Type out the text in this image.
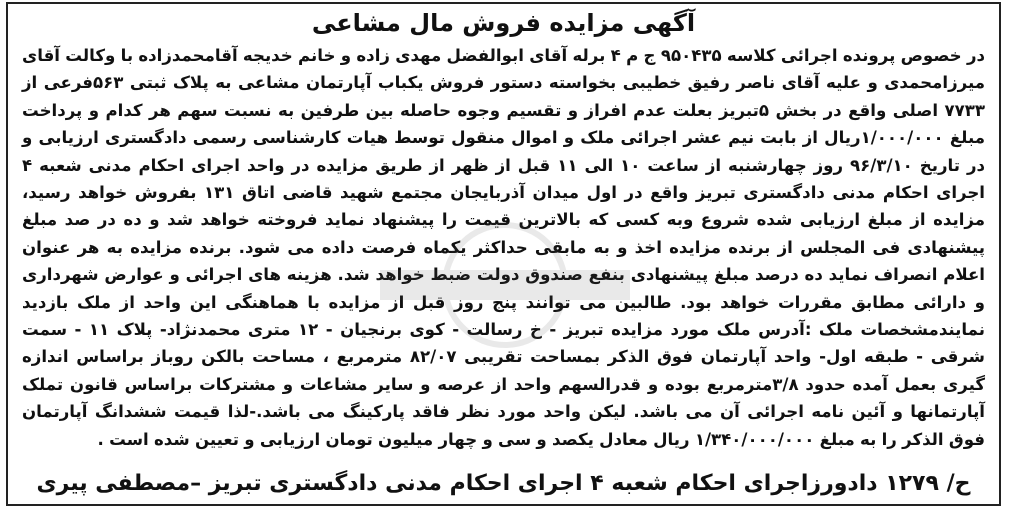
آگهی مزایده فروش مال مشاعی

در خصوص پرونده اجرائی کلاسه ۹۵۰۴۳۵ ج م ۴ برله آقای ابوالفضل مهدی زاده و خانم خدیجه آقامحمدزاده با وکالت آقای میرزامحمدی و علیه آقای ناصر رفیق خطیبی بخواسته دستور فروش یکباب آپارتمان مشاعی به پلاک ثبتی ۵۶۳فرعی از ۷۷۳۳ اصلی واقع در بخش ۵تبریز بعلت عدم افراز و تقسیم وجوه حاصله بین طرفین به نسبت سهم هر کدام و پرداخت مبلغ ۱/۰۰۰/۰۰۰ریال از بابت نیم عشر اجرائی ملک و اموال منقول توسط هیات کارشناسی رسمی دادگستری ارزیابی و در تاریخ ۹۶/۳/۱۰ روز چهارشنبه از ساعت ۱۰ الی ۱۱ قبل از ظهر از طریق مزایده در واحد اجرای احکام مدنی شعبه ۴ اجرای احکام مدنی دادگستری تبریز واقع در اول میدان آذربایجان مجتمع شهید قاضی اتاق ۱۳۱ بفروش خواهد رسید، مزایده از مبلغ ارزیابی شده شروع وبه کسی که بالاترین قیمت را پیشنهاد نماید فروخته خواهد شد و ده در صد مبلغ پیشنهادی فی المجلس از برنده مزایده اخذ و به مابقی حداکثر یکماه فرصت داده می شود. برنده مزایده به هر عنوان اعلام انصراف نماید ده درصد مبلغ پیشنهادی بنفع صندوق دولت ضبط خواهد شد. هزینه های اجرائی و عوارض شهرداری و دارائی مطابق مقررات خواهد بود. طالبین می توانند پنج روز قبل از مزایده با هماهنگی این واحد از ملک بازدید نمایندمشخصات ملک :آدرس ملک مورد مزایده تبریز - خ رسالت - کوی برنجیان - ۱۲ متری محمدنژاد- پلاک ۱۱ - سمت شرقی - طبقه اول- واحد آپارتمان فوق الذکر بمساحت تقریبی ۸۲/۰۷ مترمربع ، مساحت بالکن روباز براساس اندازه گیری بعمل آمده حدود ۳/۸مترمربع بوده و قدرالسهم واحد از عرصه و سایر مشاعات و مشترکات براساس قانون تملک آپارتمانها و آئین نامه اجرائی آن می باشد. لیکن واحد مورد نظر فاقد پارکینگ می باشد.-لذا قیمت ششدانگ آپارتمان فوق الذکر را به مبلغ ۱/۳۴۰/۰۰۰/۰۰۰ ریال معادل یکصد و سی و چهار میلیون تومان ارزیابی و تعیین شده است .

ح/ ۱۲۷۹ دادورزاجرای احکام شعبه ۴ اجرای احکام مدنی دادگستری تبریز –مصطفی پیری
